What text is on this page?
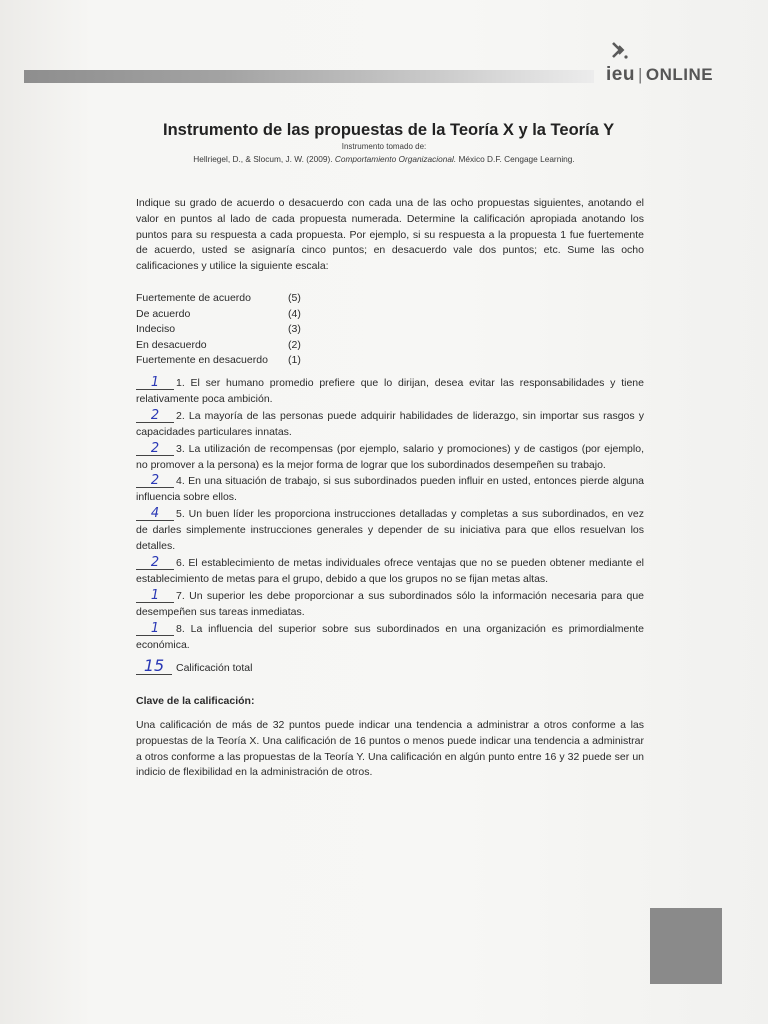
ieu | ONLINE
Instrumento de las propuestas de la Teoría X y la Teoría Y
Instrumento tomado de:
Hellriegel, D., & Slocum, J. W. (2009). Comportamiento Organizacional. México D.F. Cengage Learning.
Indique su grado de acuerdo o desacuerdo con cada una de las ocho propuestas siguientes, anotando el valor en puntos al lado de cada propuesta numerada. Determine la calificación apropiada anotando los puntos para su respuesta a cada propuesta. Por ejemplo, si su respuesta a la propuesta 1 fue fuertemente de acuerdo, usted se asignaría cinco puntos; en desacuerdo vale dos puntos; etc. Sume las ocho calificaciones y utilice la siguiente escala:
Fuertemente de acuerdo	(5)
De acuerdo	(4)
Indeciso	(3)
En desacuerdo	(2)
Fuertemente en desacuerdo	(1)
1 1. El ser humano promedio prefiere que lo dirijan, desea evitar las responsabilidades y tiene relativamente poca ambición.
2 2. La mayoría de las personas puede adquirir habilidades de liderazgo, sin importar sus rasgos y capacidades particulares innatas.
2 3. La utilización de recompensas (por ejemplo, salario y promociones) y de castigos (por ejemplo, no promover a la persona) es la mejor forma de lograr que los subordinados desempeñen su trabajo.
2 4. En una situación de trabajo, si sus subordinados pueden influir en usted, entonces pierde alguna influencia sobre ellos.
4 5. Un buen líder les proporciona instrucciones detalladas y completas a sus subordinados, en vez de darles simplemente instrucciones generales y depender de su iniciativa para que ellos resuelvan los detalles.
2 6. El establecimiento de metas individuales ofrece ventajas que no se pueden obtener mediante el establecimiento de metas para el grupo, debido a que los grupos no se fijan metas altas.
1 7. Un superior les debe proporcionar a sus subordinados sólo la información necesaria para que desempeñen sus tareas inmediatas.
1 8. La influencia del superior sobre sus subordinados en una organización es primordialmente económica.
15 Calificación total
Clave de la calificación:
Una calificación de más de 32 puntos puede indicar una tendencia a administrar a otros conforme a las propuestas de la Teoría X. Una calificación de 16 puntos o menos puede indicar una tendencia a administrar a otros conforme a las propuestas de la Teoría Y. Una calificación en algún punto entre 16 y 32 puede ser un indicio de flexibilidad en la administración de otros.
